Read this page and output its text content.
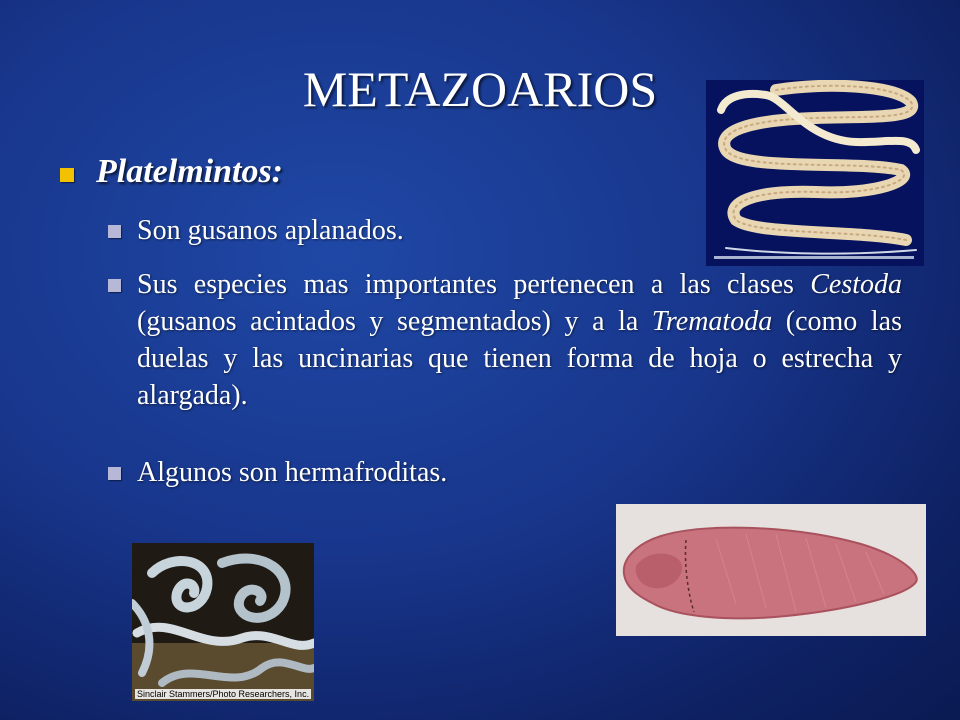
METAZOARIOS
Platelmintos:
Son gusanos aplanados.
Sus especies mas importantes pertenecen a las clases Cestoda (gusanos acintados y segmentados) y a la Trematoda (como las duelas y las uncinarias que tienen forma de hoja o estrecha y alargada).
Algunos son hermafroditas.
Sinclair Stammers/Photo Researchers, Inc.
